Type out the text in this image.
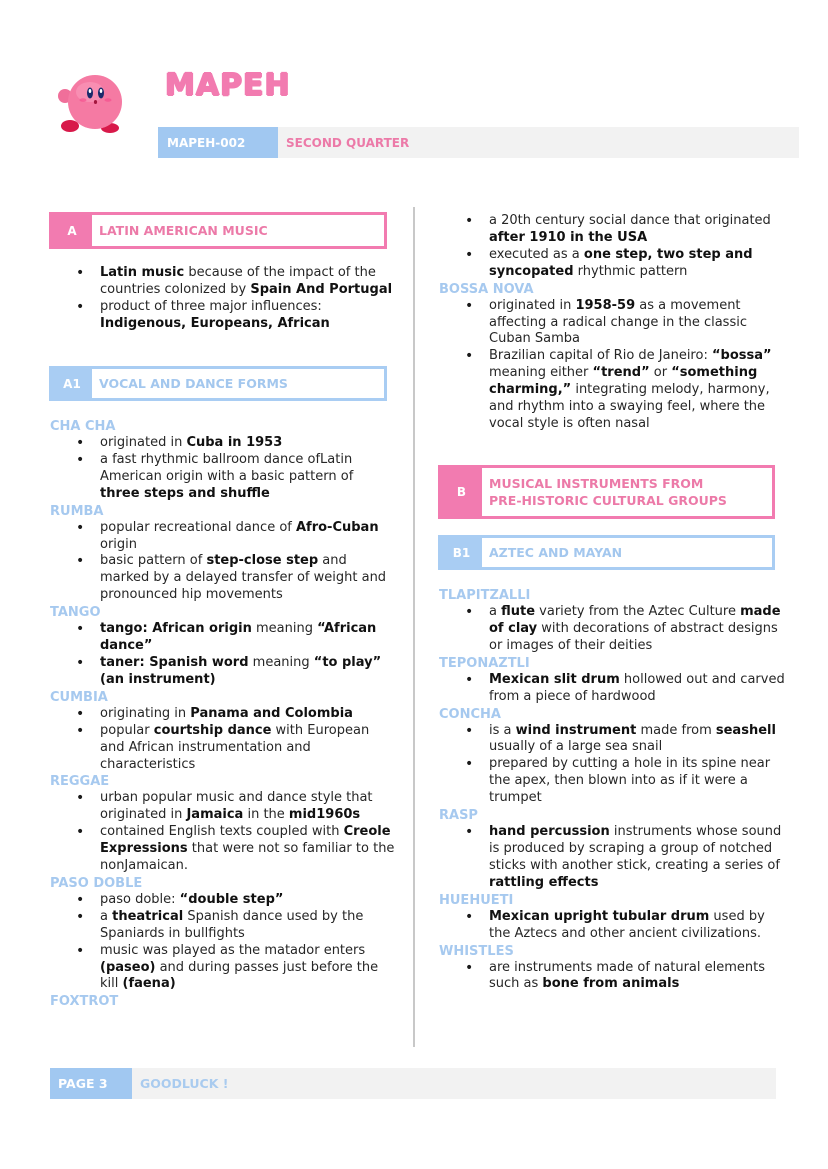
MAPEH
MAPEH-002	SECOND QUARTER
A	LATIN AMERICAN MUSIC
• Latin music because of the impact of the countries colonized by Spain And Portugal
• product of three major influences: Indigenous, Europeans, African
A1	VOCAL AND DANCE FORMS
CHA CHA
• originated in Cuba in 1953
• a fast rhythmic ballroom dance ofLatin American origin with a basic pattern of three steps and shuffle
RUMBA
• popular recreational dance of Afro-Cuban origin
• basic pattern of step-close step and marked by a delayed transfer of weight and pronounced hip movements
TANGO
• tango: African origin meaning “African dance”
• taner: Spanish word meaning “to play” (an instrument)
CUMBIA
• originating in Panama and Colombia
• popular courtship dance with European and African instrumentation and characteristics
REGGAE
• urban popular music and dance style that originated in Jamaica in the mid1960s
• contained English texts coupled with Creole Expressions that were not so familiar to the nonJamaican.
PASO DOBLE
• paso doble: “double step”
• a theatrical Spanish dance used by the Spaniards in bullfights
• music was played as the matador enters (paseo) and during passes just before the kill (faena)
FOXTROT
• a 20th century social dance that originated after 1910 in the USA
• executed as a one step, two step and syncopated rhythmic pattern
BOSSA NOVA
• originated in 1958-59 as a movement affecting a radical change in the classic Cuban Samba
• Brazilian capital of Rio de Janeiro: “bossa” meaning either “trend” or “something charming,” integrating melody, harmony, and rhythm into a swaying feel, where the vocal style is often nasal
B
MUSICAL INSTRUMENTS FROM
PRE-HISTORIC CULTURAL GROUPS
B1	AZTEC AND MAYAN
TLAPITZALLI
• a flute variety from the Aztec Culture made of clay with decorations of abstract designs or images of their deities
TEPONAZTLI
• Mexican slit drum hollowed out and carved from a piece of hardwood
CONCHA
• is a wind instrument made from seashell usually of a large sea snail
• prepared by cutting a hole in its spine near the apex, then blown into as if it were a trumpet
RASP
• hand percussion instruments whose sound is produced by scraping a group of notched sticks with another stick, creating a series of rattling effects
HUEHUETI
• Mexican upright tubular drum used by the Aztecs and other ancient civilizations.
WHISTLES
• are instruments made of natural elements such as bone from animals
PAGE 3	GOODLUCK !
